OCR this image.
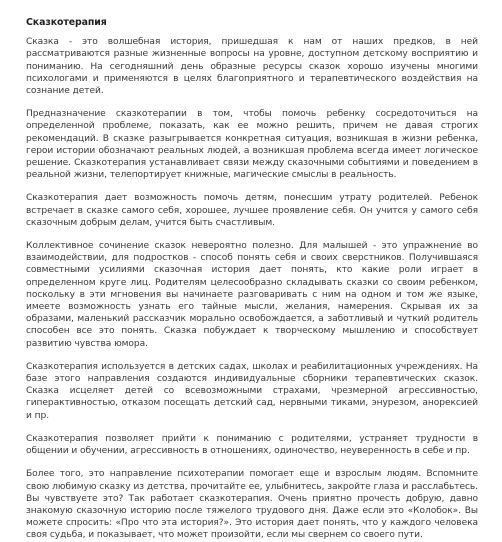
Сказкотерапия

Сказка - это волшебная история, пришедшая к нам от наших предков, в ней рассматриваются разные жизненные вопросы на уровне, доступном детскому восприятию и пониманию. На сегодняшний день образные ресурсы сказок хорошо изучены многими психологами и применяются в целях благоприятного и терапевтического воздействия на сознание детей.

Предназначение сказкотерапии в том, чтобы помочь ребенку сосредоточиться на определенной проблеме, показать, как ее можно решить, причем не давая строгих рекомендаций. В сказке разыгрывается конкретная ситуация, возникшая в жизни ребенка, герои истории обозначают реальных людей, а возникшая проблема всегда имеет логическое решение. Сказкотерапия устанавливает связи между сказочными событиями и поведением в реальной жизни, телепортирует книжные, магические смыслы в реальность.

Сказкотерапия дает возможность помочь детям, понесшим утрату родителей. Ребенок встречает в сказке самого себя, хорошее, лучшее проявление себя. Он учится у самого себя сказочным добрым делам, учится быть счастливым.

Коллективное сочинение сказок невероятно полезно. Для малышей - это упражнение во взаимодействии, для подростков - способ понять себя и своих сверстников. Получившаяся совместными усилиями сказочная история дает понять, кто какие роли играет в определенном круге лиц. Родителям целесообразно складывать сказки со своим ребенком, поскольку в эти мгновения вы начинаете разговаривать с ним на одном и том же языке, имеете возможность узнать его тайные мысли, желания, намерения. Скрывая их за образами, маленький рассказчик морально освобождается, а заботливый и чуткий родитель способен все это понять. Сказка побуждает к творческому мышлению и способствует развитию чувства юмора.

Сказкотерапия используется в детских садах, школах и реабилитационных учреждениях. На базе этого направления создаются индивидуальные сборники терапевтических сказок. Сказка исцеляет детей со всевозможными страхами, чрезмерной агрессивностью, гиперактивностью, отказом посещать детский сад, нервными тиками, энурезом, анорексией и пр.

Сказкотерапия позволяет прийти к пониманию с родителями, устраняет трудности в общении и обучении, агрессивность в отношениях, одиночество, неуверенность в себе и пр.

Более того, это направление психотерапии помогает еще и взрослым людям. Вспомните свою любимую сказку из детства, прочитайте ее, улыбнитесь, закройте глаза и расслабьтесь. Вы чувствуете это? Так работает сказкотерапия. Очень приятно прочесть добрую, давно знакомую сказочную историю после тяжелого трудового дня. Даже если это «Колобок». Вы можете спросить: «Про что эта история?». Это история дает понять, что у каждого человека своя судьба, и показывает, что может произойти, если мы свернем со своего пути.
